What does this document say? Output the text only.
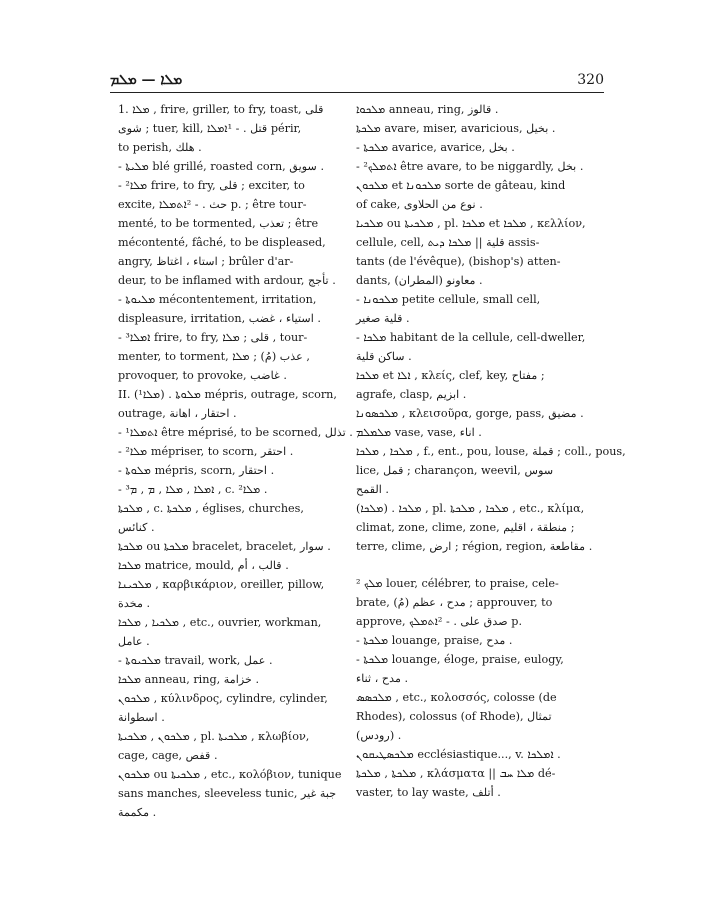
ܡܠܐ — ܡܠܡ	320
1. ܡܠܐ , frire, griller, to fry, toast, قلى
شوى ; tuer, kill, قتل . - ¹ܐܡܠܐ périr,
to perish, هلك .
- ܡܠܝܬܐ blé grillé, roasted corn, سويق .
- ²ܡܠܐ frire, to fry, قلى ; exciter, to
excite, حث . - ²ܐܬܡܠܐ p. ; être tour-
menté, to be tormented, تعذب ; être
mécontenté, fâché, to be displeased,
angry, استاء ، اغتاظ ; brûler d'ar-
deur, to be inflamed with ardour, تأجج .
- ܡܠܝܘܬܐ mécontentement, irritation,
displeasure, irritation, استياء ، غضب .
- ³ܐܡܠܐ frire, to fry, قلى ; ܡܠܐ , tour-
menter, to torment, عذب (مُ) ; ܡܠܐ ,
provoquer, to provoke, غاضب .
II. (ܡܠܐ¹) . ܡܠܘܬܐ mépris, outrage, scorn,
outrage, احتقار ، اهانة .
- ¹ܐܬܡܠܐ être méprisé, to be scorned, تذلل .
- ²ܡܠܐ mépriser, to scorn, احتقر .
- ܡܠܘܬܐ mépris, scorn, احتقار .
- ³ܐܡܠܐ , ܡܠܐ , ܡ , ܡ , c. ²ܡܠܐ .
ܡܠܟܬܐ , c. ܡܠܟܬܐ , églises, churches,
كنائس .
ܡܠܟܬܐ ou ܡܠܟܬܐ bracelet, bracelet, سوار .
ܡܠܟܐ matrice, mould, قالب ، أم .
ܡܠܟܝܢܐ , καρβικάριον, oreiller, pillow,
مخدة .
ܡܠܟܝܐ , ܡܠܟܐ , etc., ouvrier, workman,
عامل .
- ܡܠܟܝܘܬܐ travail, work, عمل .
ܡܠܟܐ anneau, ring, خزامة .
ܡܠܟܘܢ , κύλινδρος, cylindre, cylinder,
اسطوانة .
ܡܠܟܘܢ , ܡܠܟܝܬܐ , pl. ܡܠܟܝܬܐ , κλωβίον,
cage, cage, قفص .
ܡܠܟܘܢ ou ܡܠܟܝܬܐ , etc., κολόβιον, tunique
sans manches, sleeveless tunic, جبة غير
مكممة .
ܡܠܟܘܐ anneau, ring, قالوز .
ܡܠܟܬܐ avare, miser, avaricious, بخيل .
- ܡܠܟܬܐ avarice, avarice, بخل .
- ²ܐܬܡܠܟ être avare, to be niggardly, بخل .
ܡܠܟܘܢ et ܡܠܟܘܢܐ sorte de gâteau, kind
of cake, نوع من الحلاوى .
ܡܠܟܝܐ ou ܡܠܟܝܬܐ , pl. ܡܠܟܐ et ܡܠܟܐ , κελλίον,
cellule, cell, قلية || ܡܠܟܐ ܕܝܬ assis-
tants (de l'évêque), (bishop's) atten-
dants, (المطران) معاونو .
- ܡܠܟܘܢܐ petite cellule, small cell,
قلية صغير .
- ܡܠܟܐ habitant de la cellule, cell-dweller,
ساكن قلية .
ܡܠܟܐ et ܐܠܐ , κλείς, clef, key, مفتاح ;
agrafe, clasp, ابزيم .
ܡܠܟܣܘܢܐ , κλεισοῦρα, gorge, pass, مضيق .
ܡܠܡܠܡ vase, vase, اناء .
ܡܠܟܐ , ܡܠܟܐ , f., ent., pou, louse, قملة ; coll., pous,
lice, قمل ; charançon, weevil, سوس
القمح .
(ܡܠܟܐ) . ܡܠܟܐ , pl. ܡܠܟܐ , ܡܠܟܬܐ , etc., κλίμα,
climat, zone, clime, zone, منطقة ، اقليم ;
terre, clime, ارض ; région, region, مقاطعة .
² ܡܠܟ louer, célébrer, to praise, cele-
brate, مدح ، عظم (مُ) ; approuver, to
approve, صدق على . - ²ܐܬܡܠܟ p.
- ܡܠܟܬܐ louange, praise, مدح .
- ܡܠܟܬܐ louange, éloge, praise, eulogy,
مدح ، ثناء .
ܡܠܟܣܣ , etc., κολοσσός, colosse (de
Rhodes), colossus (of Rhode), تمثال
(رودس) .
ܡܠܟܣܛܝܩܘܢ ecclésiastique..., v. ܐܡܠܟܐ .
ܡܠܟܬܐ , ܡܠܟܬܐ , κλάσματα || ܡܠܐ ܚܒ dé-
vaster, to lay waste, أتلف .
